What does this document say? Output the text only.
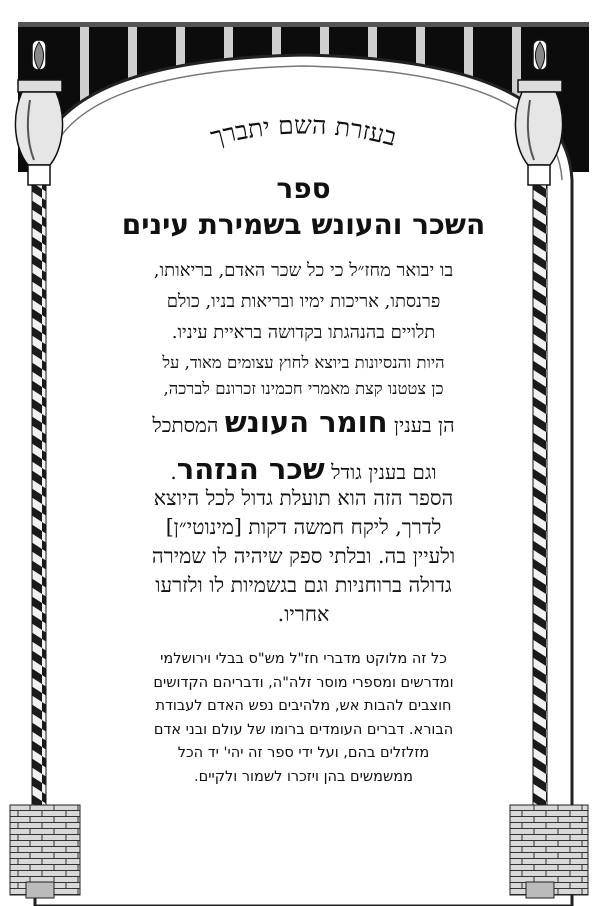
בעזרת השם יתברך
ספר
השכר והעונש בשמירת עינים
בו יבואר מחז״ל כי כל שכר האדם, בריאותו,
פרנסתו, אריכות ימיו ובריאות בניו, כולם
תלויים בהנהגתו בקדושה בראיית עיניו.
היות והנסיונות ביוצא לחוץ עצומים מאוד, על
כן צטטנו קצת מאמרי חכמינו זכרונם לברכה,
הן בענין חומר העונש המסתכל
וגם בענין גודל שכר הנזהר.
הספר הזה הוא תועלת גדול לכל היוצא
לדרך, ליקח חמשה דקות [מינוטי״ן]
ולעיין בה. ובלתי ספק שיהיה לו שמירה
גדולה ברוחניות וגם בגשמיות לו ולזרעו
אחריו.
כל זה מלוקט מדברי חז"ל מש"ס בבלי וירושלמי
ומדרשים ומספרי מוסר זלה"ה, ודבריהם הקדושים
חוצבים להבות אש, מלהיבים נפש האדם לעבודת
הבורא. דברים העומדים ברומו של עולם ובני אדם
מזלזלים בהם, ועל ידי ספר זה יהי' יד הכל
ממשמשים בהן ויזכרו לשמור ולקיים.
